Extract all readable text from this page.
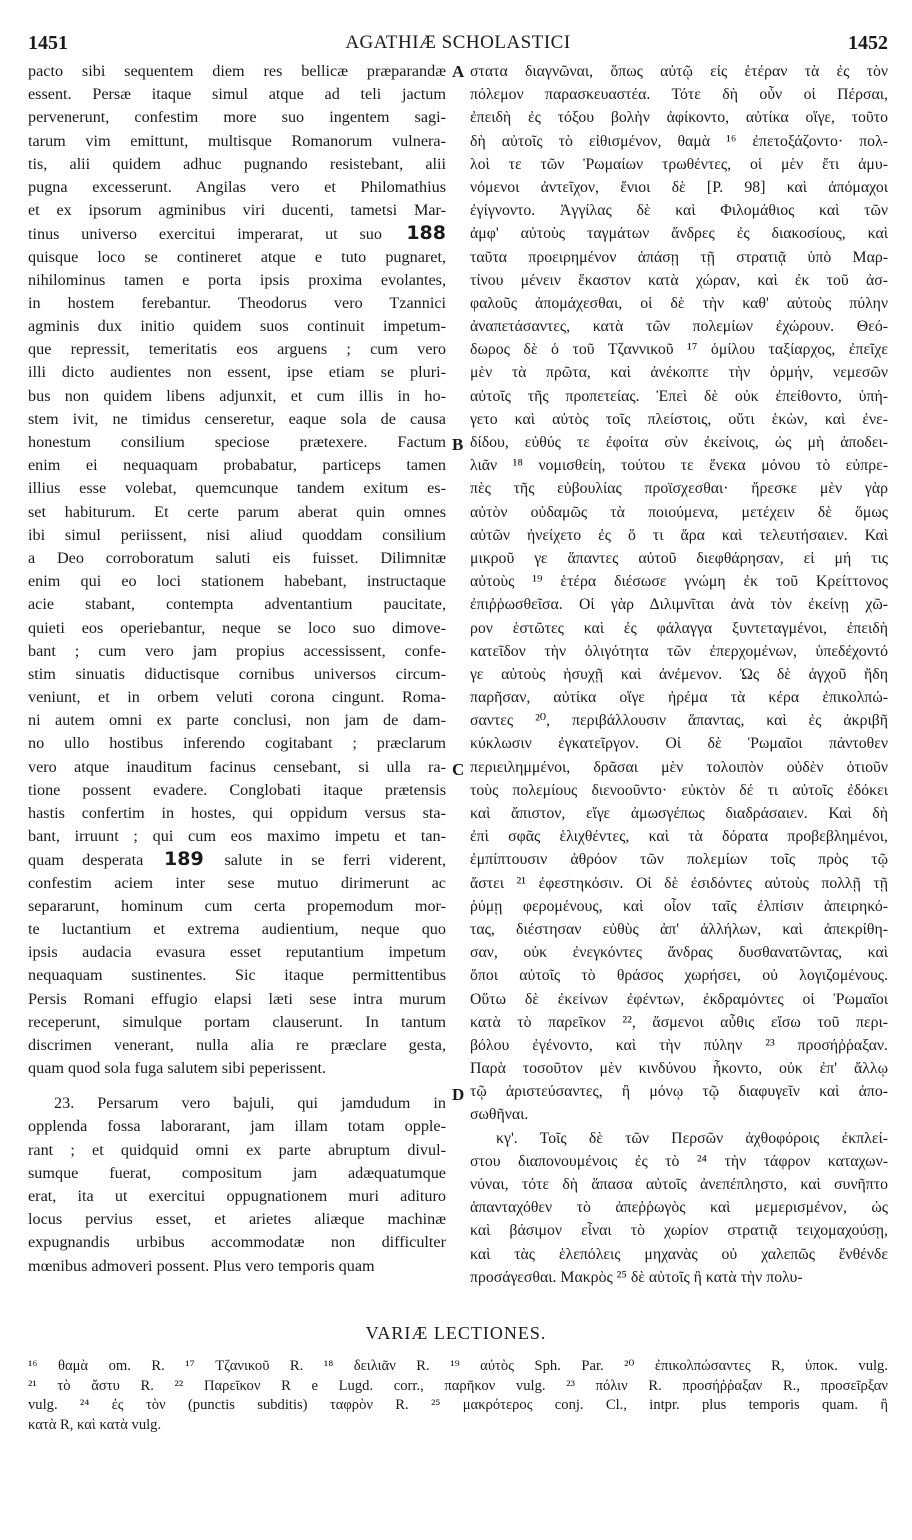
1451	AGATHIÆ SCHOLASTICI	1452
pacto sibi sequentem diem res bellicæ præparandæ
essent. Persæ itaque simul atque ad teli jactum
pervenerunt, confestim more suo ingentem sagi-
tarum vim emittunt, multisque Romanorum vulnera-
tis, alii quidem adhuc pugnando resistebant, alii
pugna excesserunt. Angilas vero et Philomathius
et ex ipsorum agminibus viri ducenti, tametsi Mar-
tinus universo exercitui imperarat, ut suo 188
quisque loco se contineret atque e tuto pugnaret,
nihilominus tamen e porta ipsis proxima evolantes,
in hostem ferebantur. Theodorus vero Tzannici
agminis dux initio quidem suos continuit impetum-
que repressit, temeritatis eos arguens ; cum vero
illi dicto audientes non essent, ipse etiam se pluri-
bus non quidem libens adjunxit, et cum illis in ho-
stem ivit, ne timidus censeretur, eaque sola de causa
honestum consilium speciose prætexere. Factum
enim ei nequaquam probabatur, particeps tamen
illius esse volebat, quemcunque tandem exitum es-
set habiturum. Et certe parum aberat quin omnes
ibi simul periissent, nisi aliud quoddam consilium
a Deo corroboratum saluti eis fuisset. Dilimnitæ
enim qui eo loci stationem habebant, instructaque
acie stabant, contempta adventantium paucitate,
quieti eos operiebantur, neque se loco suo dimove-
bant ; cum vero jam propius accessissent, confe-
stim sinuatis diductisque cornibus universos circum-
veniunt, et in orbem veluti corona cingunt. Roma-
ni autem omni ex parte conclusi, non jam de dam-
no ullo hostibus inferendo cogitabant ; præclarum
vero atque inauditum facinus censebant, si ulla ra-
tione possent evadere. Conglobati itaque prætensis
hastis confertim in hostes, qui oppidum versus sta-
bant, irruunt ; qui cum eos maximo impetu et tan-
quam desperata 189 salute in se ferri viderent,
confestim aciem inter sese mutuo dirimerunt ac
separarunt, hominum cum certa propemodum mor-
te luctantium et extrema audientium, neque quo
ipsis audacia evasura esset reputantium impetum
nequaquam sustinentes. Sic itaque permittentibus
Persis Romani effugio elapsi læti sese intra murum
receperunt, simulque portam clauserunt. In tantum
discrimen venerant, nulla alia re præclare gesta,
quam quod sola fuga salutem sibi peperissent.
23. Persarum vero bajuli, qui jamdudum in
opplenda fossa laborarant, jam illam totam opple-
rant ; et quidquid omni ex parte abruptum divul-
sumque fuerat, compositum jam adæquatumque
erat, ita ut exercitui oppugnationem muri adituro
locus pervius esset, et arietes aliæque machinæ
expugnandis urbibus accommodatæ non difficulter
mœnibus admoveri possent. Plus vero temporis quam
στατα διαγνῶναι, ὅπως αὐτῷ εἰς ἑτέραν τὰ ἐς τὸν
πόλεμον παρασκευαστέα. Τότε δὴ οὖν οἱ Πέρσαι,
ἐπειδὴ ἐς τόξου βολὴν ἀφίκοντο, αὐτίκα οἵγε, τοῦτο
δὴ αὐτοῖς τὸ εἰθισμένον, θαμὰ ¹⁶ ἐπετοξάζοντο· πολ-
λοὶ τε τῶν Ῥωμαίων τρωθέντες, οἱ μὲν ἔτι ἀμυ-
νόμενοι ἀντεῖχον, ἔνιοι δὲ [P. 98] καὶ ἀπόμαχοι
ἐγίγνοντο. Ἀγγίλας δὲ καὶ Φιλομάθιος καὶ τῶν
ἀμφ' αὐτοὺς ταγμάτων ἄνδρες ἐς διακοσίους, καὶ
ταῦτα προειρημένον ἁπάσῃ τῇ στρατιᾷ ὑπὸ Μαρ-
τίνου μένειν ἕκαστον κατὰ χώραν, καὶ ἐκ τοῦ ἀσ-
φαλοῦς ἀπομάχεσθαι, οἱ δὲ τὴν καθ' αὐτοὺς πύλην
ἀναπετάσαντες, κατὰ τῶν πολεμίων ἐχώρουν. Θεό-
δωρος δὲ ὁ τοῦ Τζαννικοῦ ¹⁷ ὁμίλου ταξίαρχος, ἐπεῖχε
μὲν τὰ πρῶτα, καὶ ἀνέκοπτε τὴν ὁρμήν, νεμεσῶν
αὐτοῖς τῆς προπετείας. Ἐπεὶ δὲ οὐκ ἐπείθοντο, ὑπή-
γετο καὶ αὐτὸς τοῖς πλείστοις, οὔτι ἑκὼν, καὶ ἐνε-
δίδου, εὐθύς τε ἐφοίτα σὺν ἐκείνοις, ὡς μὴ ἀποδει-
λιᾶν ¹⁸ νομισθείη, τούτου τε ἕνεκα μόνου τὸ εὐπρε-
πὲς τῆς εὐβουλίας προϊσχεσθαι· ἤρεσκε μὲν γὰρ
αὐτὸν οὐδαμῶς τὰ ποιούμενα, μετέχειν δὲ ὅμως
αὐτῶν ἠνείχετο ἐς ὅ τι ἄρα καὶ τελευτήσαιεν. Καὶ
μικροῦ γε ἅπαντες αὐτοῦ διεφθάρησαν, εἰ μή τις
αὐτοὺς ¹⁹ ἑτέρα διέσωσε γνώμη ἐκ τοῦ Κρείττονος
ἐπιῤῥωσθεῖσα. Οἱ γὰρ Διλιμνῖται ἀνὰ τὸν ἐκείνῃ χῶ-
ρον ἑστῶτες καὶ ἐς φάλαγγα ξυντεταγμένοι, ἐπειδὴ
κατεῖδον τὴν ὀλιγότητα τῶν ἐπερχομένων, ὑπεδέχοντό
γε αὐτοὺς ἡσυχῇ καὶ ἀνέμενον. Ὡς δὲ ἀγχοῦ ἤδη
παρῆσαν, αὐτίκα οἵγε ἠρέμα τὰ κέρα ἐπικολπώ-
σαντες ²⁰, περιβάλλουσιν ἅπαντας, καὶ ἐς ἀκριβῆ
κύκλωσιν ἐγκατεῖργον. Οἱ δὲ Ῥωμαῖοι πάντοθεν
περιειλημμένοι, δρᾶσαι μὲν τολοιπὸν οὐδὲν ὁτιοῦν
τοὺς πολεμίους διενοοῦντο· εὐκτὸν δέ τι αὐτοῖς ἐδόκει
καὶ ἄπιστον, εἴγε ἀμωσγέπως διαδράσαιεν. Καὶ δὴ
ἐπὶ σφᾶς ἑλιχθέντες, καὶ τὰ δόρατα προβεβλημένοι,
ἐμπίπτουσιν ἀθρόον τῶν πολεμίων τοῖς πρὸς τῷ
ἄστει ²¹ ἐφεστηκόσιν. Οἱ δὲ ἐσιδόντες αὐτοὺς πολλῇ τῇ
ῥύμῃ φερομένους, καὶ οἷον ταῖς ἐλπίσιν ἀπειρηκό-
τας, διέστησαν εὐθὺς ἀπ' ἀλλήλων, καὶ ἀπεκρίθη-
σαν, οὐκ ἐνεγκόντες ἄνδρας δυσθανατῶντας, καὶ
ὅποι αὐτοῖς τὸ θράσος χωρήσει, οὐ λογιζομένους.
Οὕτω δὲ ἐκείνων ἐφέντων, ἐκδραμόντες οἱ Ῥωμαῖοι
κατὰ τὸ παρεῖκον ²², ἄσμενοι αὖθις εἴσω τοῦ περι-
βόλου ἐγένοντο, καὶ τὴν πύλην ²³ προσήῤῥαξαν.
Παρὰ τοσοῦτον μὲν κινδύνου ἧκοντο, οὐκ ἐπ' ἄλλῳ
τῷ ἀριστεύσαντες, ἢ μόνῳ τῷ διαφυγεῖν καὶ ἀπο-
σωθῆναι.
κγ'. Τοῖς δὲ τῶν Περσῶν ἀχθοφόροις ἐκπλεί-
στου διαπονουμένοις ἐς τὸ ²⁴ τὴν τάφρον καταχων-
νύναι, τότε δὴ ἅπασα αὐτοῖς ἀνεπέπληστο, καὶ συνῆπτο
ἁπανταχόθεν τὸ ἀπεῤῥωγὸς καὶ μεμερισμένον, ὡς
καὶ βάσιμον εἶναι τὸ χωρίον στρατιᾷ τειχομαχούσῃ,
καὶ τὰς ἑλεπόλεις μηχανὰς οὐ χαλεπῶς ἔνθένδε
προσάγεσθαι. Μακρὸς ²⁵ δὲ αὐτοῖς ἢ κατὰ τὴν πολυ-
A
B
C
D
VARIÆ LECTIONES.
¹⁶ θαμὰ om. R. ¹⁷ Τζανικοῦ R. ¹⁸ δειλιᾶν R. ¹⁹ αὐτὸς Sph. Par. ²⁰ ἐπικολπώσαντες R, ὑποκ. vulg.
²¹ τὸ ἄστυ R. ²² Παρεῖκον R e Lugd. corr., παρῆκον vulg. ²³ πόλιν R. προσήῤῥαξαν R., προσεῖρξαν
vulg. ²⁴ ἐς τὸν (punctis subditis) ταφρὸν R. ²⁵ μακρότερος conj. Cl., intpr. plus temporis quam. ἢ
κατὰ R, καὶ κατὰ vulg.
